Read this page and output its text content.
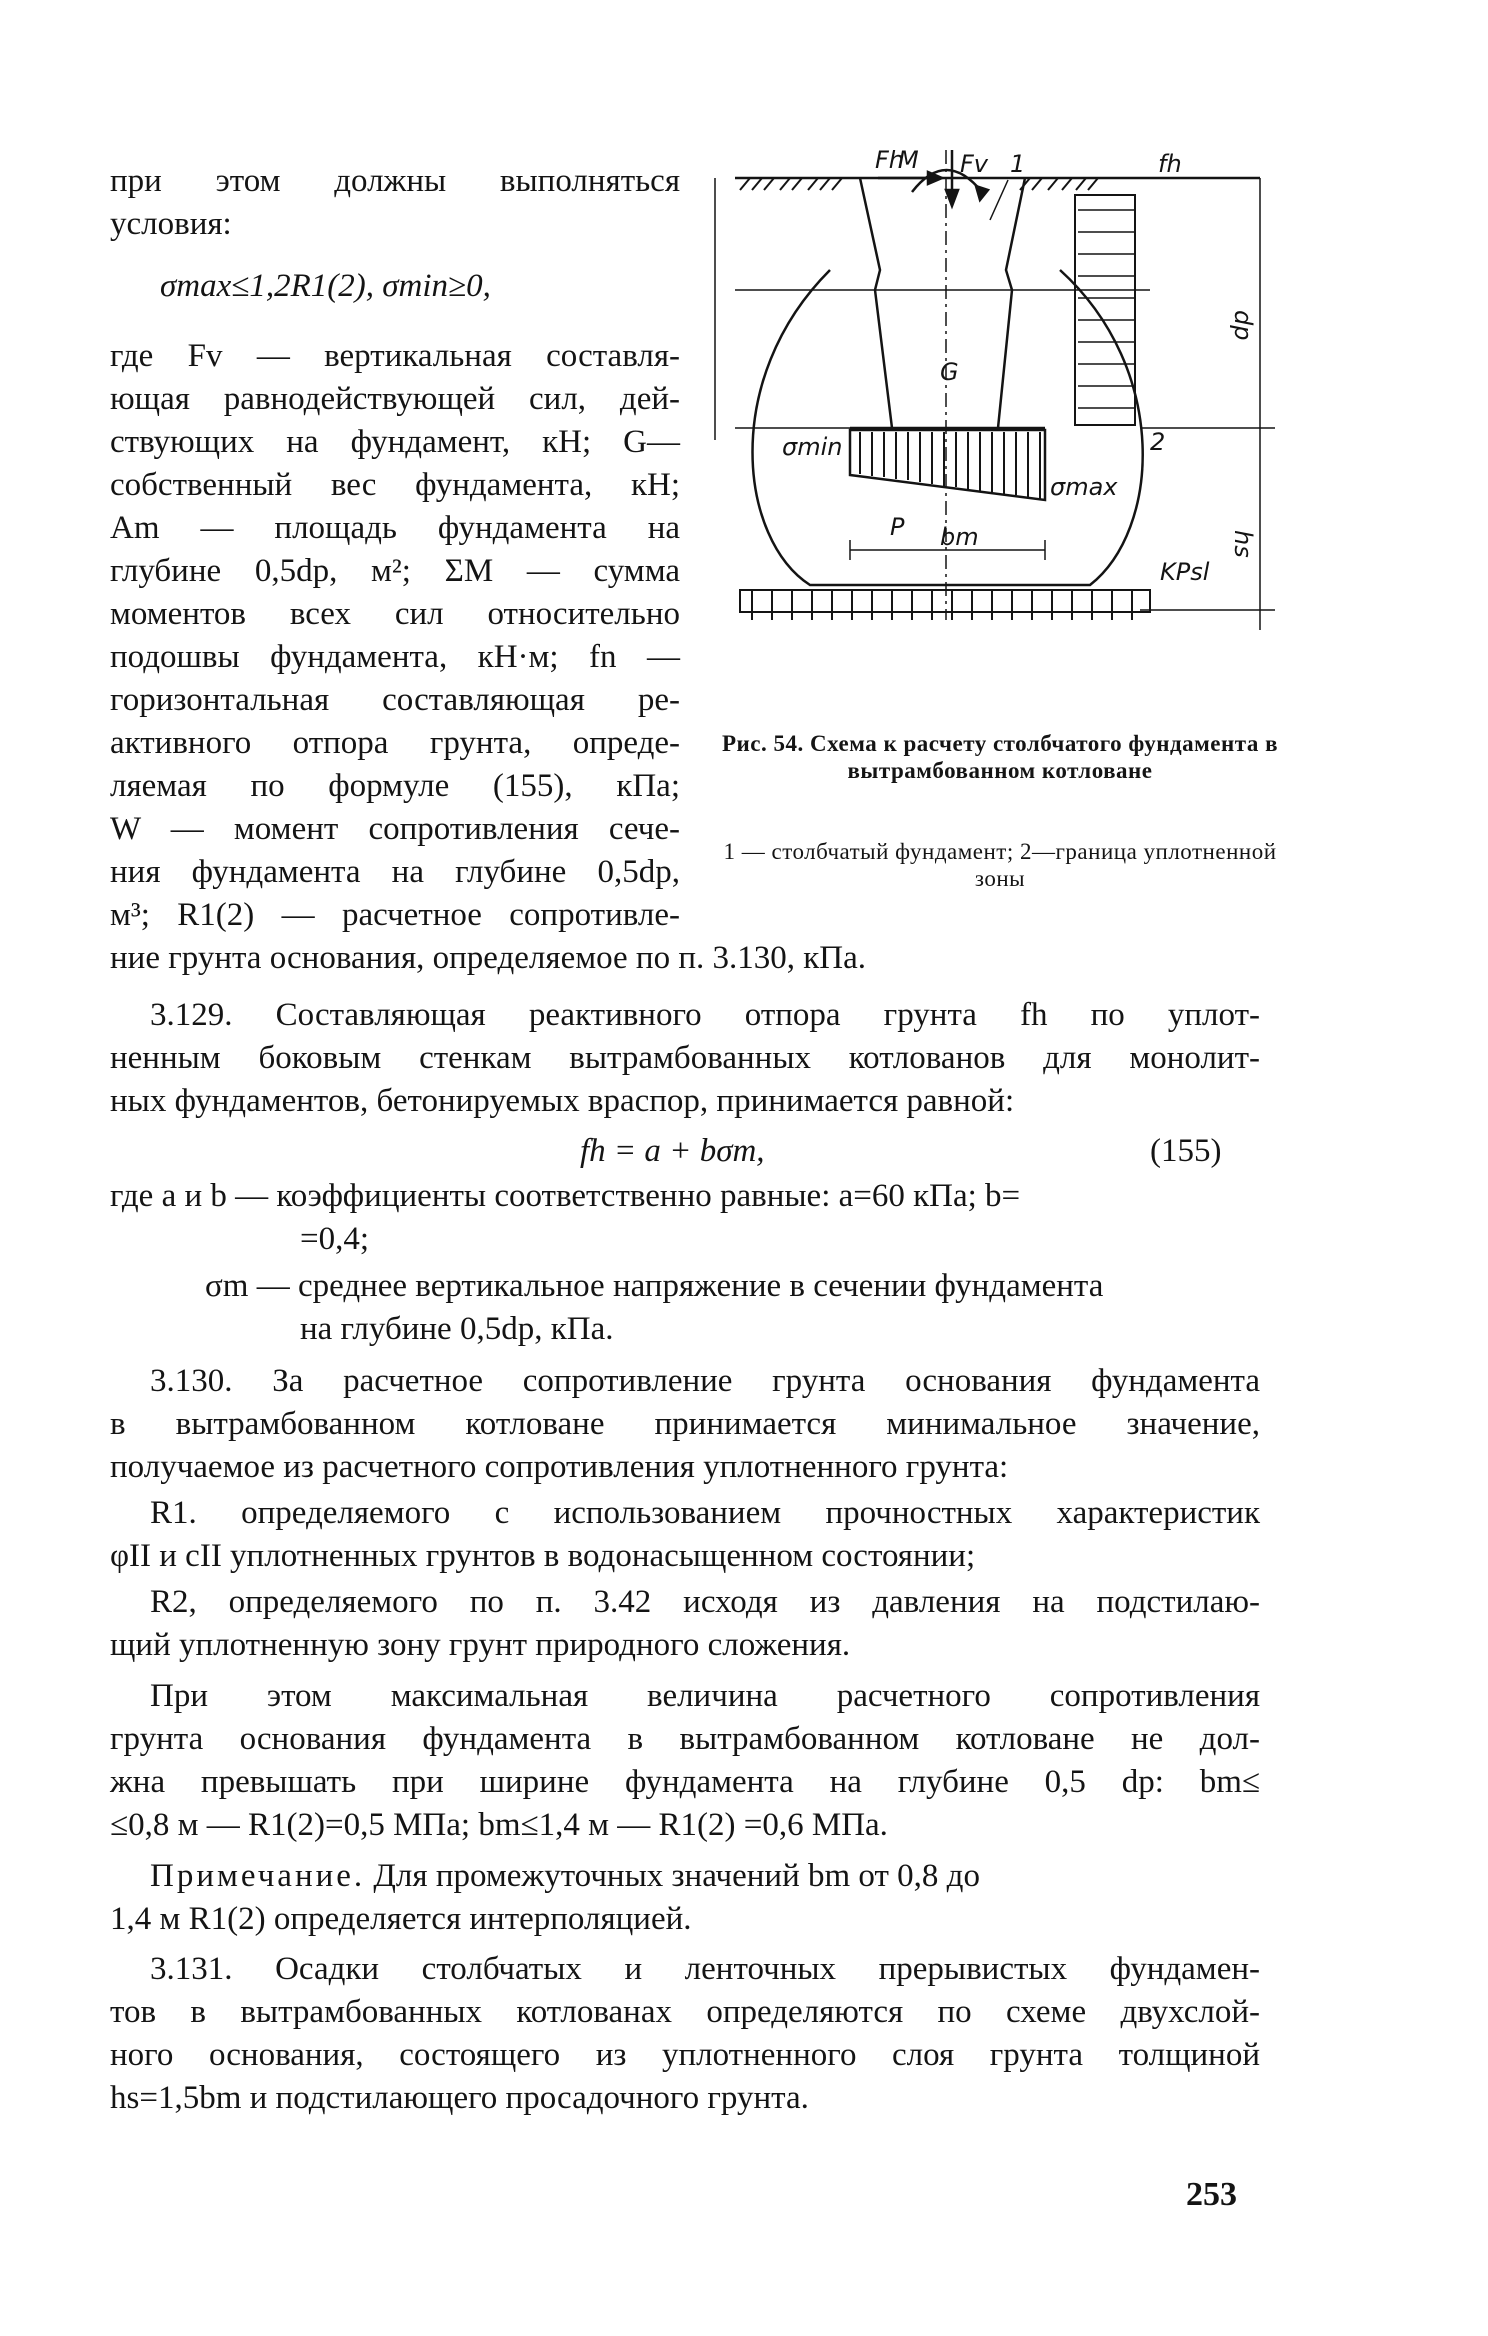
при этом должны выполняться
условия:
σmax≤1,2R1(2), σmin≥0,
где Fv — вертикальная составля-
ющая равнодействующей сил, дей-
ствующих на фундамент, кН; G—
собственный вес фундамента, кН;
Am — площадь фундамента на
глубине 0,5dp, м²; ΣM — сумма
моментов всех сил относительно
подошвы фундамента, кН·м; fn —
горизонтальная составляющая ре-
активного отпора грунта, опреде-
ляемая по формуле (155), кПа;
W — момент сопротивления сече-
ния фундамента на глубине 0,5dp,
м³; R1(2) — расчетное сопротивле-
ние грунта основания, определяемое по п. 3.130, кПа.
M Fv
Fh	1	fh
G
2
σmin
σmax
P bm
KPsl
dp
hs
Рис. 54. Схема к расчету столбчатого фундамента в вытрамбованном котловане
1 — столбчатый фундамент; 2—граница уплотненной зоны
3.129. Составляющая реактивного отпора грунта fh по уплот-
ненным боковым стенкам вытрамбованных котлованов для монолит-
ных фундаментов, бетонируемых враспор, принимается равной:
fh = a + bσm,	(155)
где a и b — коэффициенты соответственно равные: a=60 кПа; b=
=0,4;
σm — среднее вертикальное напряжение в сечении фундамента
на глубине 0,5dp, кПа.
3.130. За расчетное сопротивление грунта основания фундамента
в вытрамбованном котловане принимается минимальное значение,
получаемое из расчетного сопротивления уплотненного грунта:
R1. определяемого с использованием прочностных характеристик
φII и cII уплотненных грунтов в водонасыщенном состоянии;
R2, определяемого по п. 3.42 исходя из давления на подстилаю-
щий уплотненную зону грунт природного сложения.
При этом максимальная величина расчетного сопротивления
грунта основания фундамента в вытрамбованном котловане не дол-
жна превышать при ширине фундамента на глубине 0,5 dp: bm≤
≤0,8 м — R1(2)=0,5 МПа; bm≤1,4 м — R1(2) =0,6 МПа.
Примечание. Для промежуточных значений bm от 0,8 до
1,4 м R1(2) определяется интерполяцией.
3.131. Осадки столбчатых и ленточных прерывистых фундамен-
тов в вытрамбованных котлованах определяются по схеме двухслой-
ного основания, состоящего из уплотненного слоя грунта толщиной
hs=1,5bm и подстилающего просадочного грунта.
253
